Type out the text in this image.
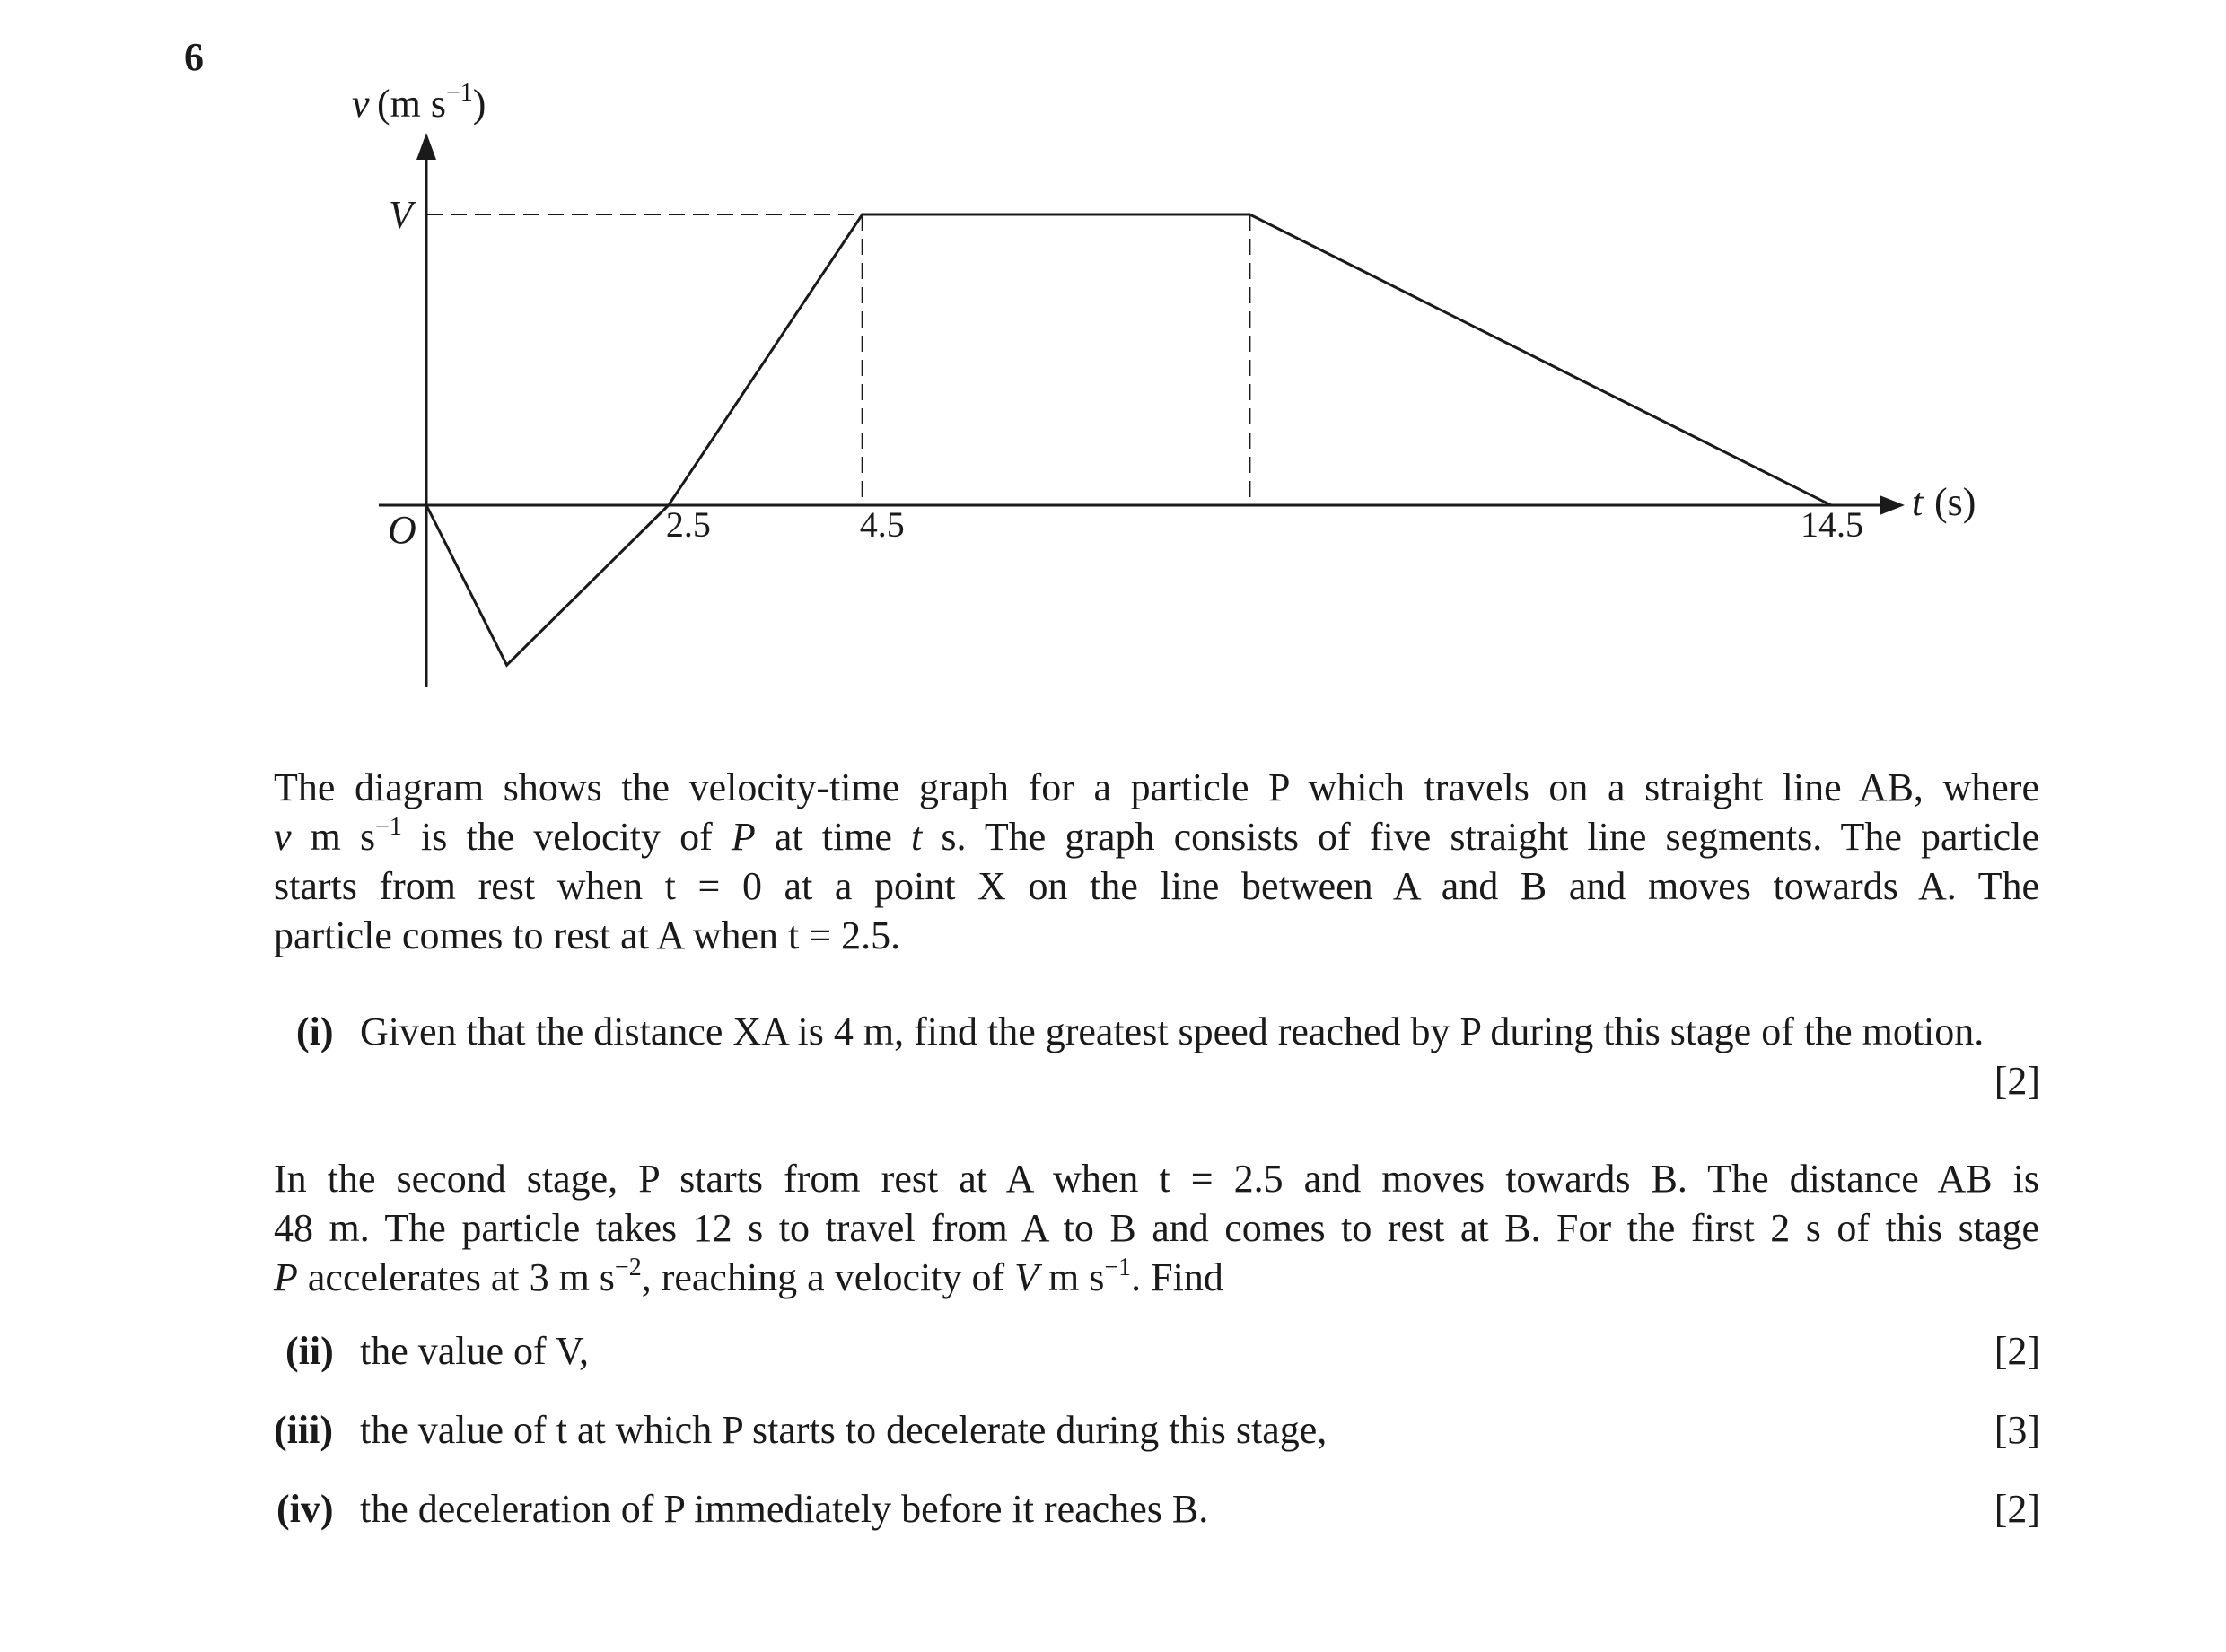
6
2.5	4.5	14.5
V
v (m $s^{-1}$)
O
t (s)
The diagram shows the velocity-time graph for a particle P which travels on a straight line AB, where
v m $s^{-1}$ is the velocity of P at time t s. The graph consists of five straight line segments. The particle
starts from rest when t = 0 at a point X on the line between A and B and moves towards A. The
particle comes to rest at A when t = 2.5.
(i) Given that the distance XA is 4 m, find the greatest speed reached by P during this stage of the motion.
[2]
In the second stage, P starts from rest at A when t = 2.5 and moves towards B. The distance AB is
48 m. The particle takes 12 s to travel from A to B and comes to rest at B. For the first 2 s of this stage
P accelerates at 3 m $s^{-2}$, reaching a velocity of V m $s^{-1}$. Find
(ii) the value of V,	[2]
(iii) the value of t at which P starts to decelerate during this stage,	[3]
(iv) the deceleration of P immediately before it reaches B.	[2]
